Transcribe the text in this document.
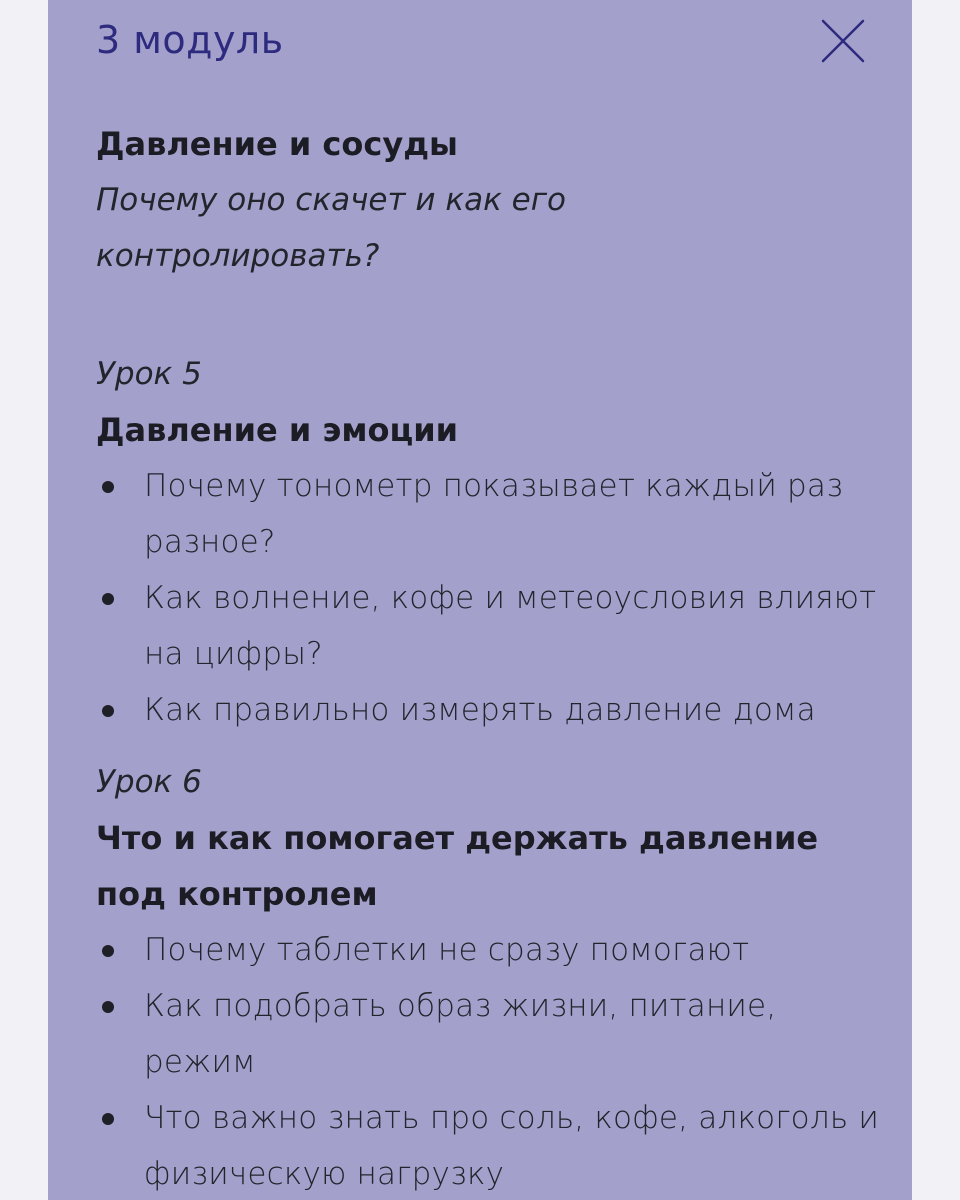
3 модуль

Давление и сосуды

Почему оно скачет и как его контролировать?

Урок 5

Давление и эмоции

Почему тонометр показывает каждый раз разное?
Как волнение, кофе и метеоусловия влияют на цифры?
Как правильно измерять давление дома

Урок 6

Что и как помогает держать давление под контролем

Почему таблетки не сразу помогают
Как подобрать образ жизни, питание, режим
Что важно знать про соль, кофе, алкоголь и физическую нагрузку
